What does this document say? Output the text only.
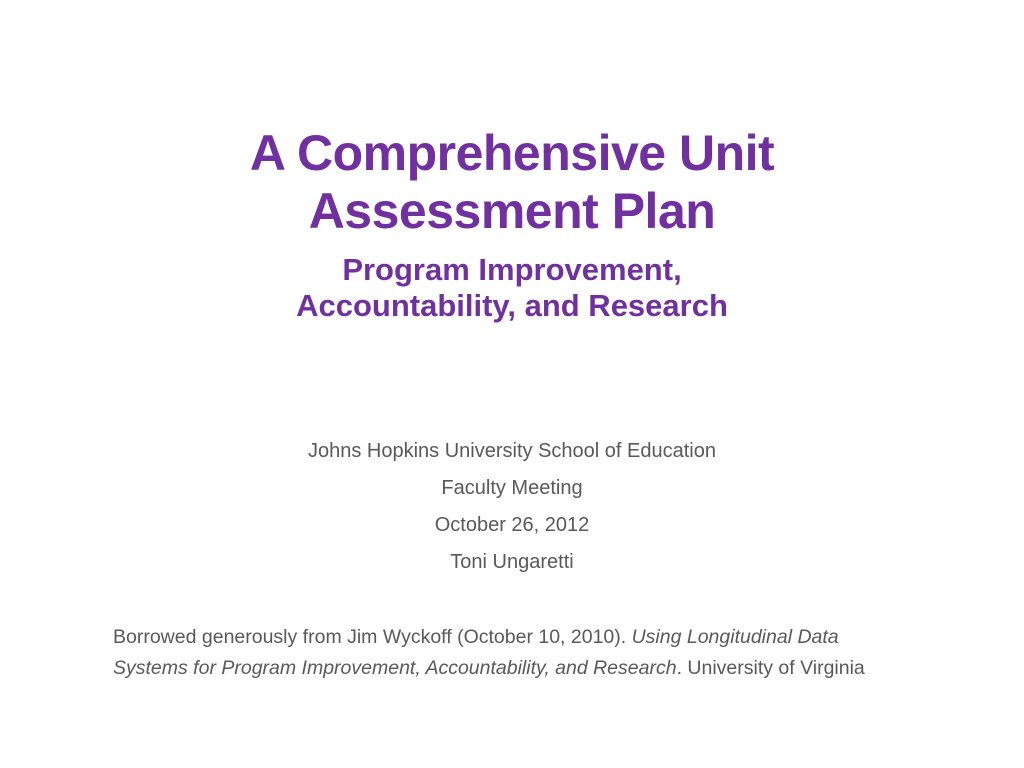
A Comprehensive Unit
Assessment Plan
Program Improvement,
Accountability, and Research
Johns Hopkins University School of Education
Faculty Meeting
October 26, 2012
Toni Ungaretti
Borrowed generously from Jim Wyckoff (October 10, 2010). Using Longitudinal Data Systems for Program Improvement, Accountability, and Research. University of Virginia
